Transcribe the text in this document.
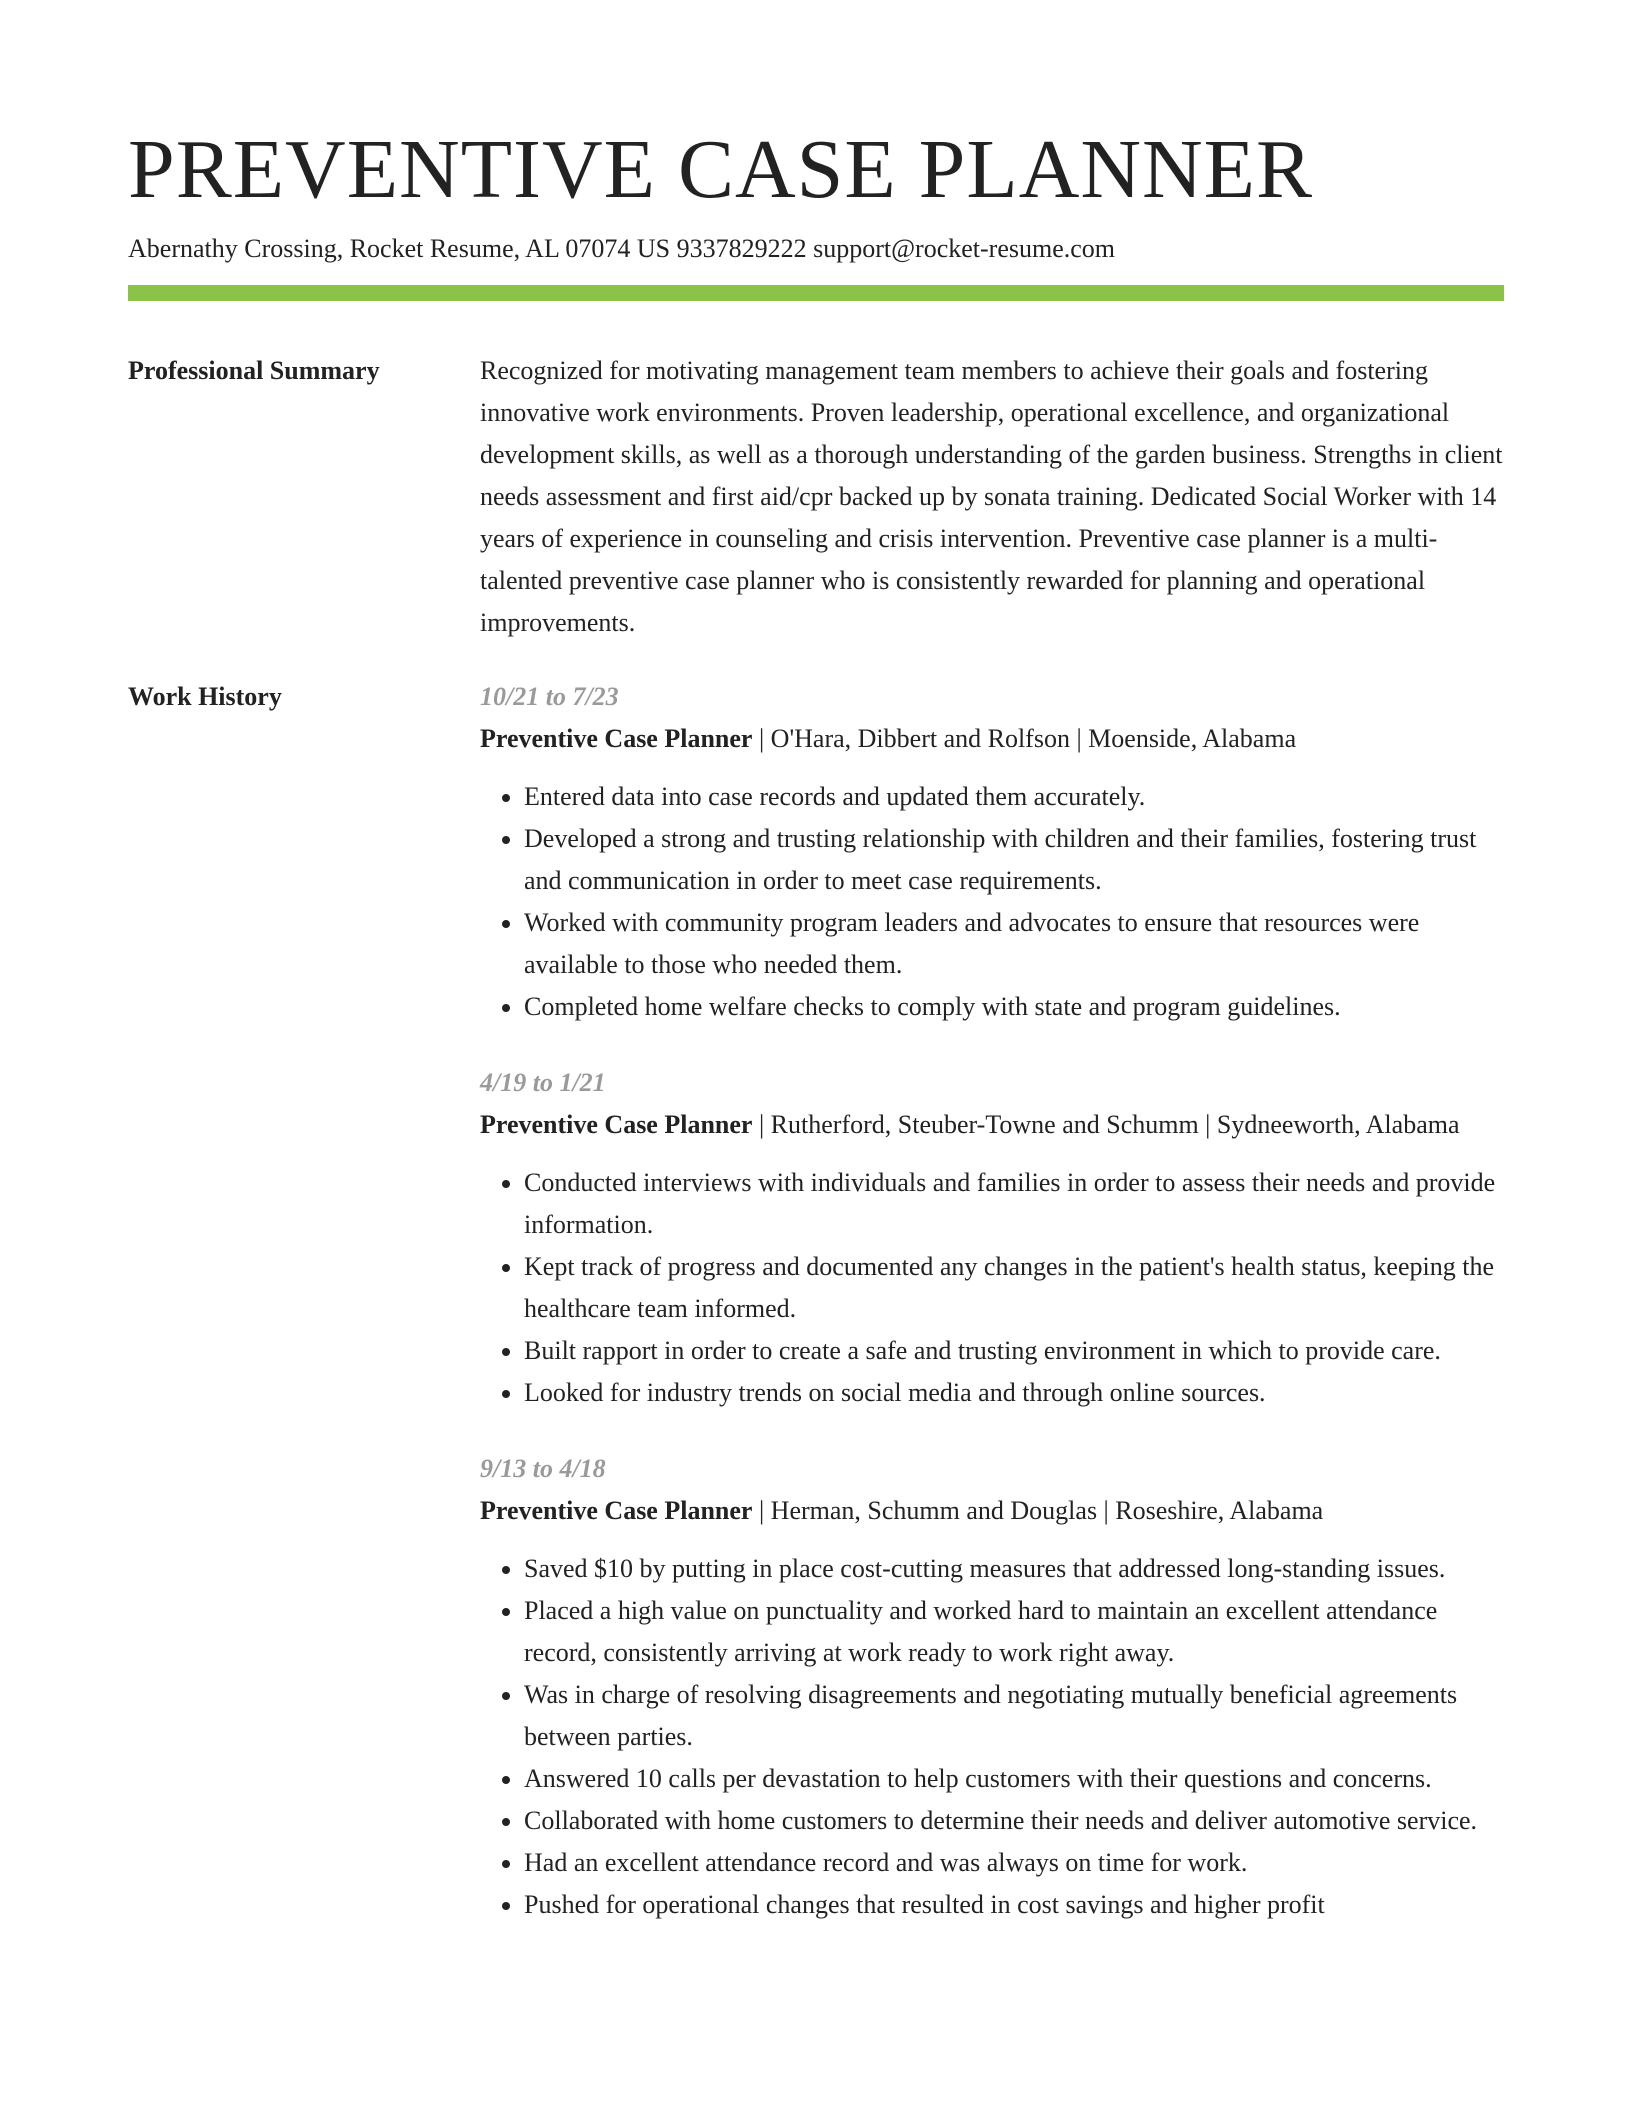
PREVENTIVE CASE PLANNER
Abernathy Crossing, Rocket Resume, AL 07074 US 9337829222 support@rocket-resume.com
Professional Summary	Recognized for motivating management team members to achieve their goals and fostering innovative work environments. Proven leadership, operational excellence, and organizational development skills, as well as a thorough understanding of the garden business. Strengths in client needs assessment and first aid/cpr backed up by sonata training. Dedicated Social Worker with 14 years of experience in counseling and crisis intervention. Preventive case planner is a multi-talented preventive case planner who is consistently rewarded for planning and operational improvements.

Work History	10/21 to 7/23
Preventive Case Planner | O'Hara, Dibbert and Rolfson | Moenside, Alabama
• Entered data into case records and updated them accurately.
• Developed a strong and trusting relationship with children and their families, fostering trust and communication in order to meet case requirements.
• Worked with community program leaders and advocates to ensure that resources were available to those who needed them.
• Completed home welfare checks to comply with state and program guidelines.
4/19 to 1/21
Preventive Case Planner | Rutherford, Steuber-Towne and Schumm | Sydneeworth, Alabama
• Conducted interviews with individuals and families in order to assess their needs and provide information.
• Kept track of progress and documented any changes in the patient's health status, keeping the healthcare team informed.
• Built rapport in order to create a safe and trusting environment in which to provide care.
• Looked for industry trends on social media and through online sources.
9/13 to 4/18
Preventive Case Planner | Herman, Schumm and Douglas | Roseshire, Alabama
• Saved $10 by putting in place cost-cutting measures that addressed long-standing issues.
• Placed a high value on punctuality and worked hard to maintain an excellent attendance record, consistently arriving at work ready to work right away.
• Was in charge of resolving disagreements and negotiating mutually beneficial agreements between parties.
• Answered 10 calls per devastation to help customers with their questions and concerns.
• Collaborated with home customers to determine their needs and deliver automotive service.
• Had an excellent attendance record and was always on time for work.
• Pushed for operational changes that resulted in cost savings and higher profit
